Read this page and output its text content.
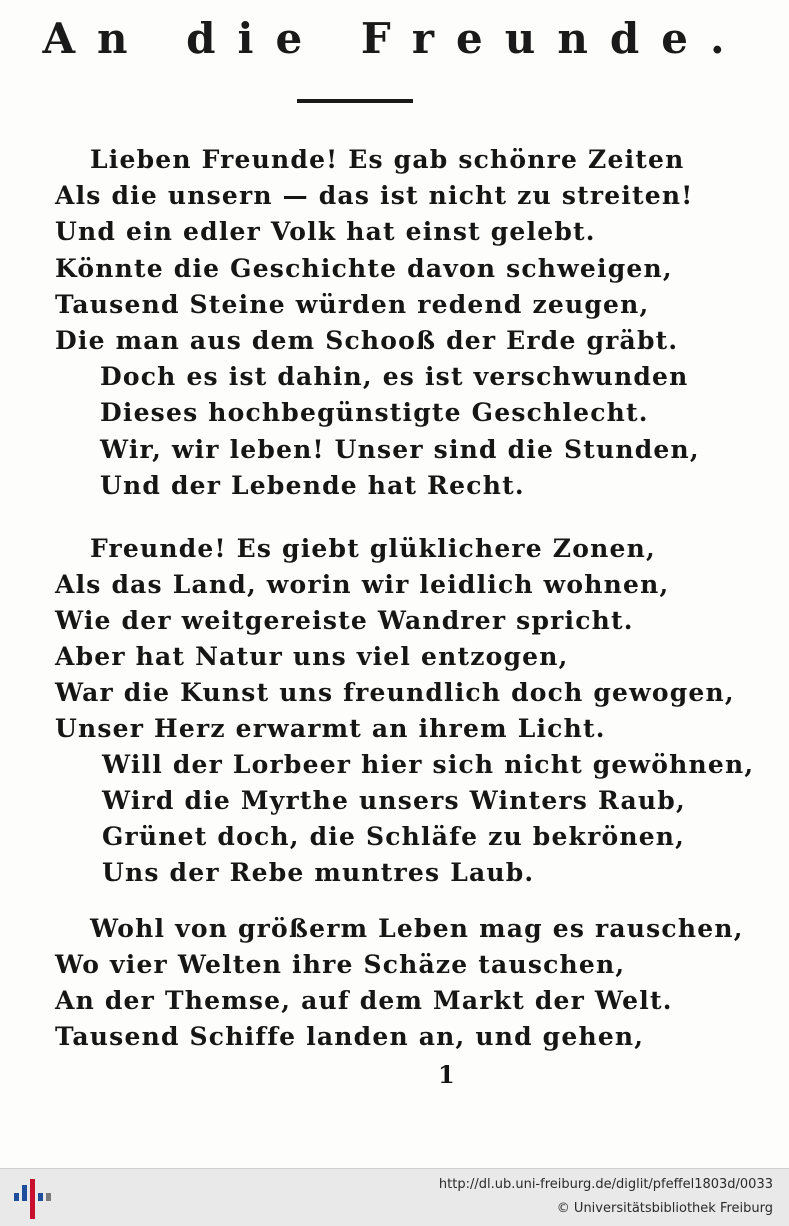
An die Freunde.
Lieben Freunde! Es gab schönre Zeiten
Als die unsern — das ist nicht zu streiten!
Und ein edler Volk hat einst gelebt.
Könnte die Geschichte davon schweigen,
Tausend Steine würden redend zeugen,
Die man aus dem Schooß der Erde gräbt.
Doch es ist dahin, es ist verschwunden
Dieses hochbegünstigte Geschlecht.
Wir, wir leben! Unser sind die Stunden,
Und der Lebende hat Recht.
Freunde! Es giebt glüklichere Zonen,
Als das Land, worin wir leidlich wohnen,
Wie der weitgereiste Wandrer spricht.
Aber hat Natur uns viel entzogen,
War die Kunst uns freundlich doch gewogen,
Unser Herz erwarmt an ihrem Licht.
Will der Lorbeer hier sich nicht gewöhnen,
Wird die Myrthe unsers Winters Raub,
Grünet doch, die Schläfe zu bekrönen,
Uns der Rebe muntres Laub.
Wohl von größerm Leben mag es rauschen,
Wo vier Welten ihre Schäze tauschen,
An der Themse, auf dem Markt der Welt.
Tausend Schiffe landen an, und gehen,
1
http://dl.ub.uni-freiburg.de/diglit/pfeffel1803d/0033
© Universitätsbibliothek Freiburg
